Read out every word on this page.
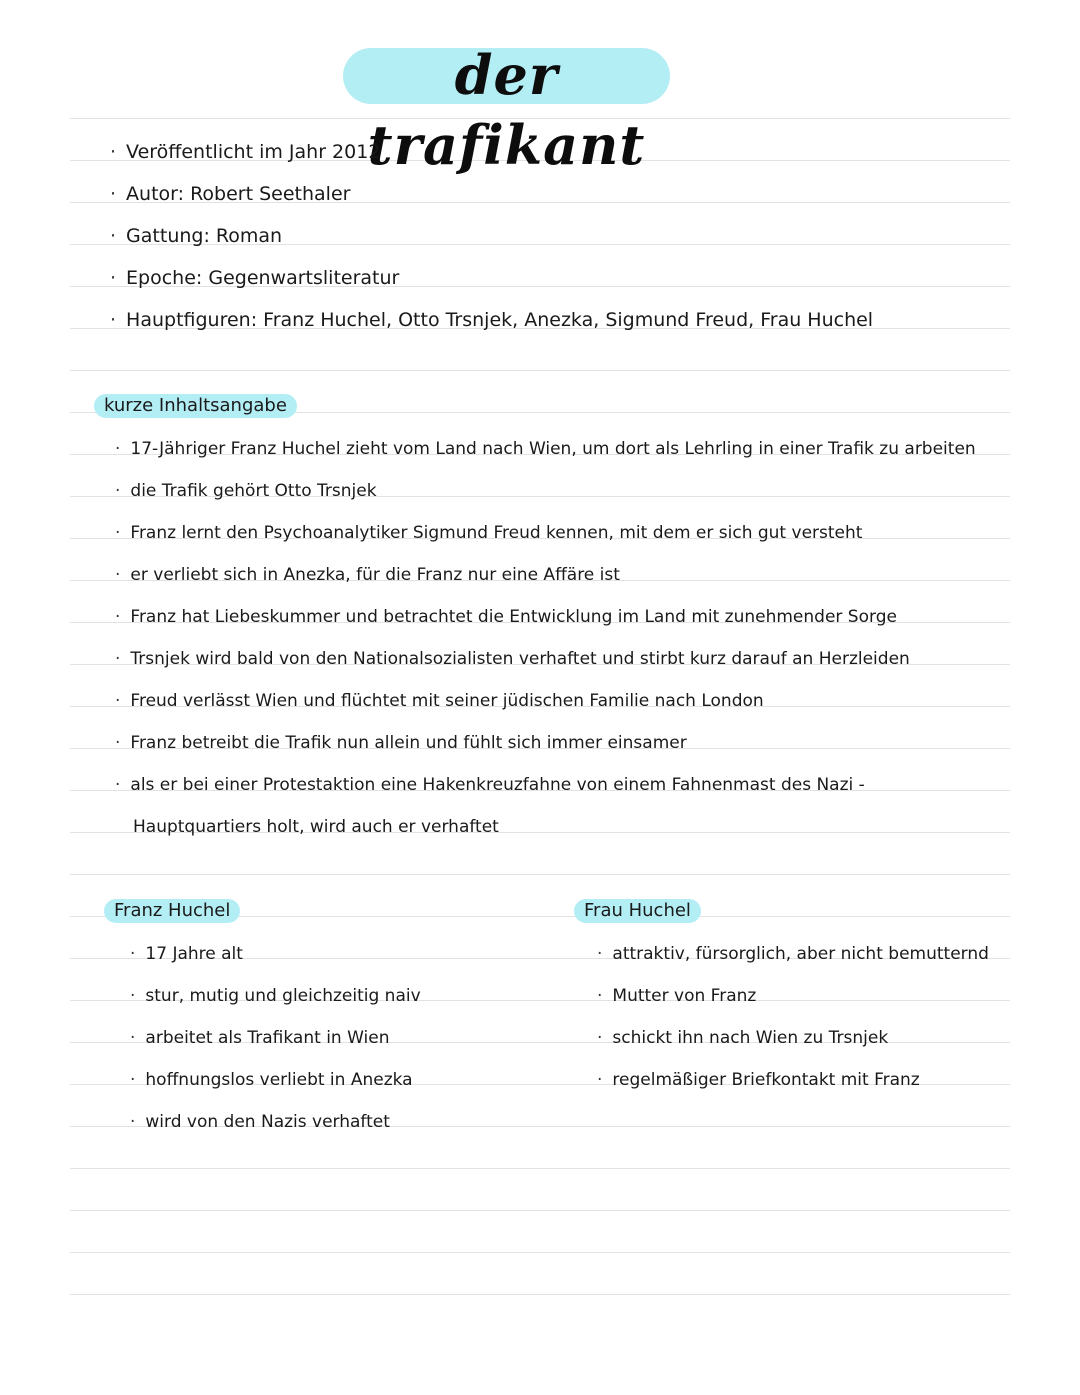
der trafikant
· Veröffentlicht im Jahr 2012
· Autor: Robert Seethaler
· Gattung: Roman
· Epoche: Gegenwartsliteratur
· Hauptfiguren: Franz Huchel, Otto Trsnjek, Anezka, Sigmund Freud, Frau Huchel
kurze Inhaltsangabe
· 17-Jähriger Franz Huchel zieht vom Land nach Wien, um dort als Lehrling in einer Trafik zu arbeiten
· die Trafik gehört Otto Trsnjek
· Franz lernt den Psychoanalytiker Sigmund Freud kennen, mit dem er sich gut versteht
· er verliebt sich in Anezka, für die Franz nur eine Affäre ist
· Franz hat Liebeskummer und betrachtet die Entwicklung im Land mit zunehmender Sorge
· Trsnjek wird bald von den Nationalsozialisten verhaftet und stirbt kurz darauf an Herzleiden
· Freud verlässt Wien und flüchtet mit seiner jüdischen Familie nach London
· Franz betreibt die Trafik nun allein und fühlt sich immer einsamer
· als er bei einer Protestaktion eine Hakenkreuzfahne von einem Fahnenmast des Nazi -
Hauptquartiers holt, wird auch er verhaftet
Franz Huchel
· 17 Jahre alt
· stur, mutig und gleichzeitig naiv
· arbeitet als Trafikant in Wien
· hoffnungslos verliebt in Anezka
· wird von den Nazis verhaftet
Frau Huchel
· attraktiv, fürsorglich, aber nicht bemutternd
· Mutter von Franz
· schickt ihn nach Wien zu Trsnjek
· regelmäßiger Briefkontakt mit Franz
